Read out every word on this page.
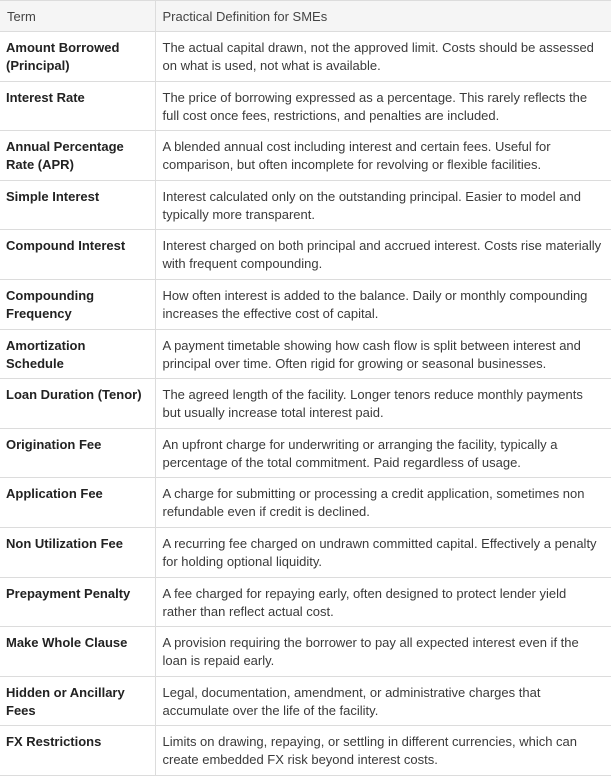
Term	Practical Definition for SMEs
Amount Borrowed (Principal)	The actual capital drawn, not the approved limit. Costs should be assessed on what is used, not what is available.
Interest Rate	The price of borrowing expressed as a percentage. This rarely reflects the full cost once fees, restrictions, and penalties are included.
Annual Percentage Rate (APR)	A blended annual cost including interest and certain fees. Useful for comparison, but often incomplete for revolving or flexible facilities.
Simple Interest	Interest calculated only on the outstanding principal. Easier to model and typically more transparent.
Compound Interest	Interest charged on both principal and accrued interest. Costs rise materially with frequent compounding.
Compounding Frequency	How often interest is added to the balance. Daily or monthly compounding increases the effective cost of capital.
Amortization Schedule	A payment timetable showing how cash flow is split between interest and principal over time. Often rigid for growing or seasonal businesses.
Loan Duration (Tenor)	The agreed length of the facility. Longer tenors reduce monthly payments but usually increase total interest paid.
Origination Fee	An upfront charge for underwriting or arranging the facility, typically a percentage of the total commitment. Paid regardless of usage.
Application Fee	A charge for submitting or processing a credit application, sometimes non refundable even if credit is declined.
Non Utilization Fee	A recurring fee charged on undrawn committed capital. Effectively a penalty for holding optional liquidity.
Prepayment Penalty	A fee charged for repaying early, often designed to protect lender yield rather than reflect actual cost.
Make Whole Clause	A provision requiring the borrower to pay all expected interest even if the loan is repaid early.
Hidden or Ancillary Fees	Legal, documentation, amendment, or administrative charges that accumulate over the life of the facility.
FX Restrictions	Limits on drawing, repaying, or settling in different currencies, which can create embedded FX risk beyond interest costs.
